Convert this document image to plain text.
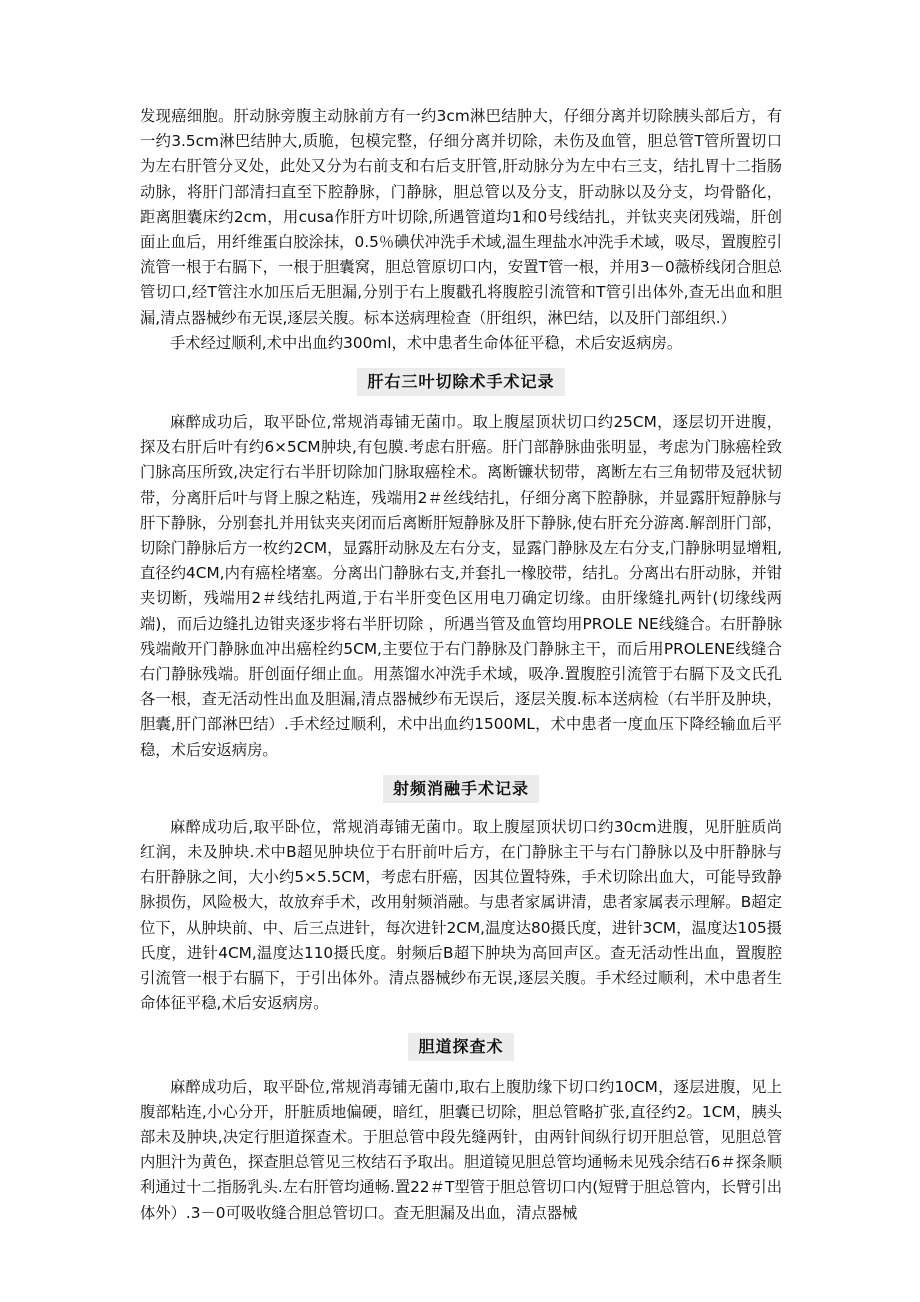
发现癌细胞。肝动脉旁腹主动脉前方有一约3cm淋巴结肿大，仔细分离并切除胰头部后方，有一约3.5cm淋巴结肿大,质脆，包模完整，仔细分离并切除，未伤及血管，胆总管T管所置切口为左右肝管分叉处，此处又分为右前支和右后支肝管,肝动脉分为左中右三支，结扎胃十二指肠动脉，将肝门部清扫直至下腔静脉，门静脉，胆总管以及分支，肝动脉以及分支，均骨骼化，距离胆囊床约2cm，用cusa作肝方叶切除,所遇管道均1和0号线结扎，并钛夹夹闭残端，肝创面止血后，用纤维蛋白胶涂抹，0.5％碘伏冲洗手术域,温生理盐水冲洗手术域，吸尽，置腹腔引流管一根于右膈下，一根于胆囊窝，胆总管原切口内，安置T管一根，并用3－0薇桥线闭合胆总管切口,经T管注水加压后无胆漏,分别于右上腹戳孔将腹腔引流管和T管引出体外,查无出血和胆漏,清点器械纱布无误,逐层关腹。标本送病理检查（肝组织，淋巴结，以及肝门部组织.）

手术经过顺利,术中出血约300ml，术中患者生命体征平稳，术后安返病房。

肝右三叶切除术手术记录

麻醉成功后，取平卧位,常规消毒铺无菌巾。取上腹屋顶状切口约25CM，逐层切开进腹，探及右肝后叶有约6×5CM肿块,有包膜.考虑右肝癌。肝门部静脉曲张明显，考虑为门脉癌栓致门脉高压所致,决定行右半肝切除加门脉取癌栓术。离断镰状韧带，离断左右三角韧带及冠状韧带，分离肝后叶与肾上腺之粘连，残端用2＃丝线结扎，仔细分离下腔静脉，并显露肝短静脉与肝下静脉，分别套扎并用钛夹夹闭而后离断肝短静脉及肝下静脉,使右肝充分游离.解剖肝门部，切除门静脉后方一枚约2CM，显露肝动脉及左右分支，显露门静脉及左右分支,门静脉明显增粗,直径约4CM,内有癌栓堵塞。分离出门静脉右支,并套扎一橡胶带，结扎。分离出右肝动脉，并钳夹切断，残端用2＃线结扎两道,于右半肝变色区用电刀确定切缘。由肝缘缝扎两针(切缘线两端)，而后边缝扎边钳夹逐步将右半肝切除 ，所遇当管及血管均用PROLE NE线缝合。右肝静脉残端敞开门静脉血冲出癌栓约5CM,主要位于右门静脉及门静脉主干，而后用PROLENE线缝合右门静脉残端。肝创面仔细止血。用蒸馏水冲洗手术域，吸净.置腹腔引流管于右膈下及文氏孔各一根，查无活动性出血及胆漏,清点器械纱布无误后，逐层关腹.标本送病检（右半肝及肿块，胆囊,肝门部淋巴结）.手术经过顺利，术中出血约1500ML，术中患者一度血压下降经输血后平稳，术后安返病房。

射频消融手术记录

麻醉成功后,取平卧位，常规消毒铺无菌巾。取上腹屋顶状切口约30cm进腹，见肝脏质尚红润，未及肿块.术中B超见肿块位于右肝前叶后方，在门静脉主干与右门静脉以及中肝静脉与右肝静脉之间，大小约5×5.5CM，考虑右肝癌，因其位置特殊，手术切除出血大，可能导致静脉损伤，风险极大，故放弃手术，改用射频消融。与患者家属讲清，患者家属表示理解。B超定位下，从肿块前、中、后三点进针，每次进针2CM,温度达80摄氏度，进针3CM，温度达105摄氏度，进针4CM,温度达110摄氏度。射频后B超下肿块为高回声区。查无活动性出血，置腹腔引流管一根于右膈下，于引出体外。清点器械纱布无误,逐层关腹。手术经过顺利，术中患者生命体征平稳,术后安返病房。

胆道探查术

麻醉成功后，取平卧位,常规消毒铺无菌巾,取右上腹肋缘下切口约10CM，逐层进腹，见上腹部粘连,小心分开，肝脏质地偏硬，暗红，胆囊已切除，胆总管略扩张,直径约2。1CM，胰头部未及肿块,决定行胆道探查术。于胆总管中段先缝两针，由两针间纵行切开胆总管，见胆总管内胆汁为黄色，探查胆总管见三枚结石予取出。胆道镜见胆总管均通畅未见残余结石6＃探条顺利通过十二指肠乳头.左右肝管均通畅.置22＃T型管于胆总管切口内(短臂于胆总管内，长臂引出体外）.3－0可吸收缝合胆总管切口。查无胆漏及出血，清点器械
